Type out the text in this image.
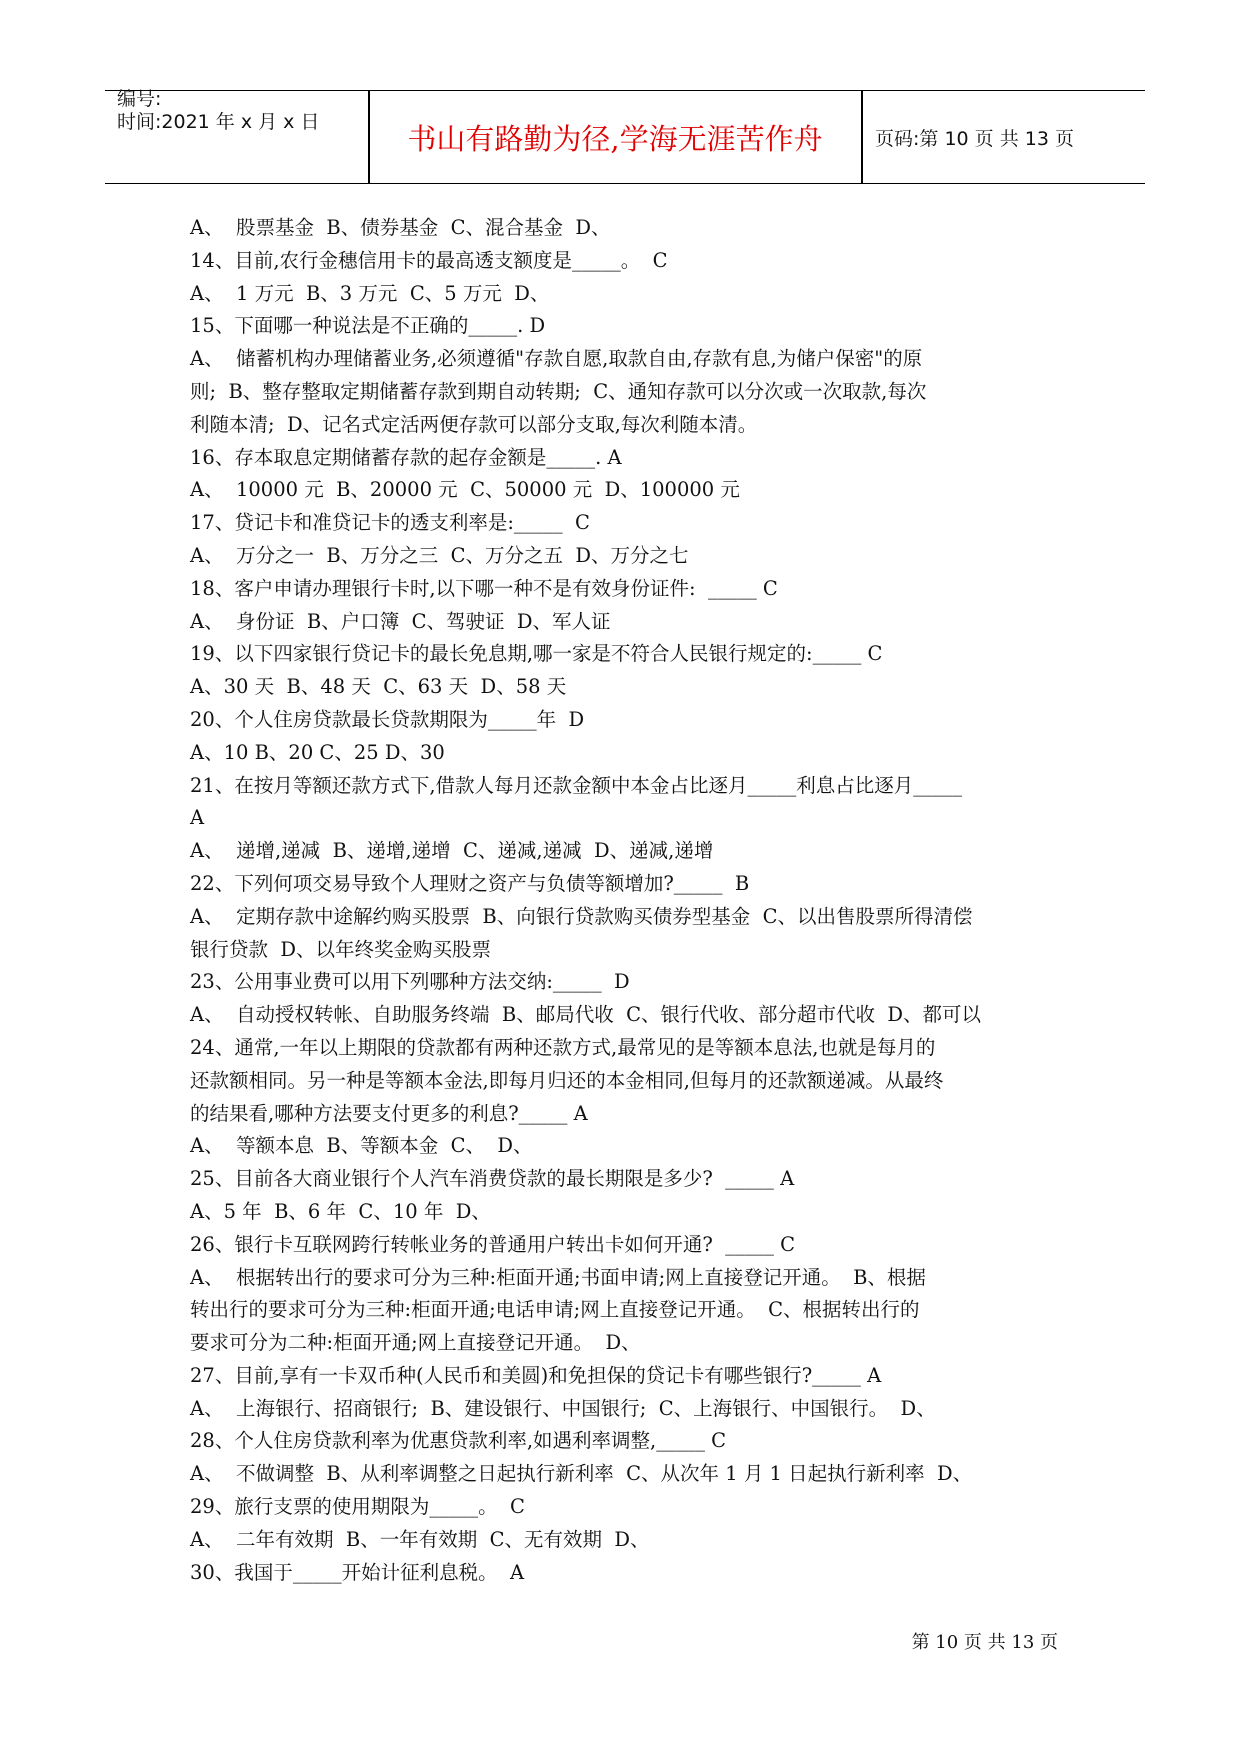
编号:
时间:2021 年 x 月 x 日	书山有路勤为径,学海无涯苦作舟	页码:第 10 页 共 13 页

A、  股票基金  B、债券基金  C、混合基金  D、

14、目前,农行金穗信用卡的最高透支额度是_____。  C

A、  1 万元  B、3 万元  C、5 万元  D、

15、下面哪一种说法是不正确的_____. D

A、  储蓄机构办理储蓄业务,必须遵循"存款自愿,取款自由,存款有息,为储户保密"的原

则;  B、整存整取定期储蓄存款到期自动转期;  C、通知存款可以分次或一次取款,每次

利随本清;  D、记名式定活两便存款可以部分支取,每次利随本清。

16、存本取息定期储蓄存款的起存金额是_____. A

A、  10000 元  B、20000 元  C、50000 元  D、100000 元

17、贷记卡和准贷记卡的透支利率是:_____  C

A、  万分之一  B、万分之三  C、万分之五  D、万分之七

18、客户申请办理银行卡时,以下哪一种不是有效身份证件:  _____ C

A、  身份证  B、户口簿  C、驾驶证  D、军人证

19、以下四家银行贷记卡的最长免息期,哪一家是不符合人民银行规定的:_____ C

A、30 天  B、48 天  C、63 天  D、58 天

20、个人住房贷款最长贷款期限为_____年  D

A、10 B、20 C、25 D、30

21、在按月等额还款方式下,借款人每月还款金额中本金占比逐月_____利息占比逐月_____

A

A、  递增,递减  B、递增,递增  C、递减,递减  D、递减,递增

22、下列何项交易导致个人理财之资产与负债等额增加?_____  B

A、  定期存款中途解约购买股票  B、向银行贷款购买债券型基金  C、以出售股票所得清偿

银行贷款  D、以年终奖金购买股票

23、公用事业费可以用下列哪种方法交纳:_____  D

A、  自动授权转帐、自助服务终端  B、邮局代收  C、银行代收、部分超市代收  D、都可以

24、通常,一年以上期限的贷款都有两种还款方式,最常见的是等额本息法,也就是每月的

还款额相同。另一种是等额本金法,即每月归还的本金相同,但每月的还款额递减。从最终

的结果看,哪种方法要支付更多的利息?_____ A

A、  等额本息  B、等额本金  C、  D、

25、目前各大商业银行个人汽车消费贷款的最长期限是多少?  _____ A

A、5 年  B、6 年  C、10 年  D、

26、银行卡互联网跨行转帐业务的普通用户转出卡如何开通?  _____ C

A、  根据转出行的要求可分为三种:柜面开通;书面申请;网上直接登记开通。  B、根据

转出行的要求可分为三种:柜面开通;电话申请;网上直接登记开通。  C、根据转出行的

要求可分为二种:柜面开通;网上直接登记开通。  D、

27、目前,享有一卡双币种(人民币和美圆)和免担保的贷记卡有哪些银行?_____ A

A、  上海银行、招商银行;  B、建设银行、中国银行;  C、上海银行、中国银行。  D、

28、个人住房贷款利率为优惠贷款利率,如遇利率调整,_____ C

A、  不做调整  B、从利率调整之日起执行新利率  C、从次年 1 月 1 日起执行新利率  D、

29、旅行支票的使用期限为_____。  C

A、  二年有效期  B、一年有效期  C、无有效期  D、

30、我国于_____开始计征利息税。  A

第 10 页 共 13 页
